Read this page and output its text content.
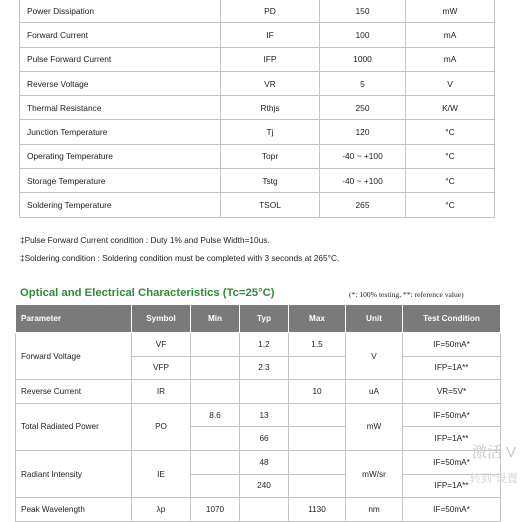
Power Dissipation	PD	150	mW
Forward Current	IF	100	mA
Pulse Forward Current	IFP	1000	mA
Reverse Voltage	VR	5	V
Thermal Resistance	Rthjs	250	K/W
Junction Temperature	Tj	120	°C
Operating Temperature	Topr	-40 ~ +100	°C
Storage Temperature	Tstg	-40 ~ +100	°C
Soldering Temperature	TSOL	265	°C
‡Pulse Forward Current condition : Duty 1% and Pulse Width=10us.
‡Soldering condition : Soldering condition must be completed with 3 seconds at 265°C.
Optical and Electrical Characteristics (Tc=25°C)	(*: 100% testing, **: reference value)
Parameter	Symbol	Min	Typ	Max	Unit	Test Condition
Forward Voltage	VF		1.2	1.5	V	IF=50mA*
	VFP		2.3			IFP=1A**
Reverse Current	IR			10	uA	VR=5V*
Total Radiated Power	PO	8.6	13		mW	IF=50mA*
			66			IFP=1A**
Radiant Intensity	IE		48		mW/sr	IF=50mA*
			240			IFP=1A**
Peak Wavelength	λp	1070		1130	nm	IF=50mA*
激活 V
转到"设置
